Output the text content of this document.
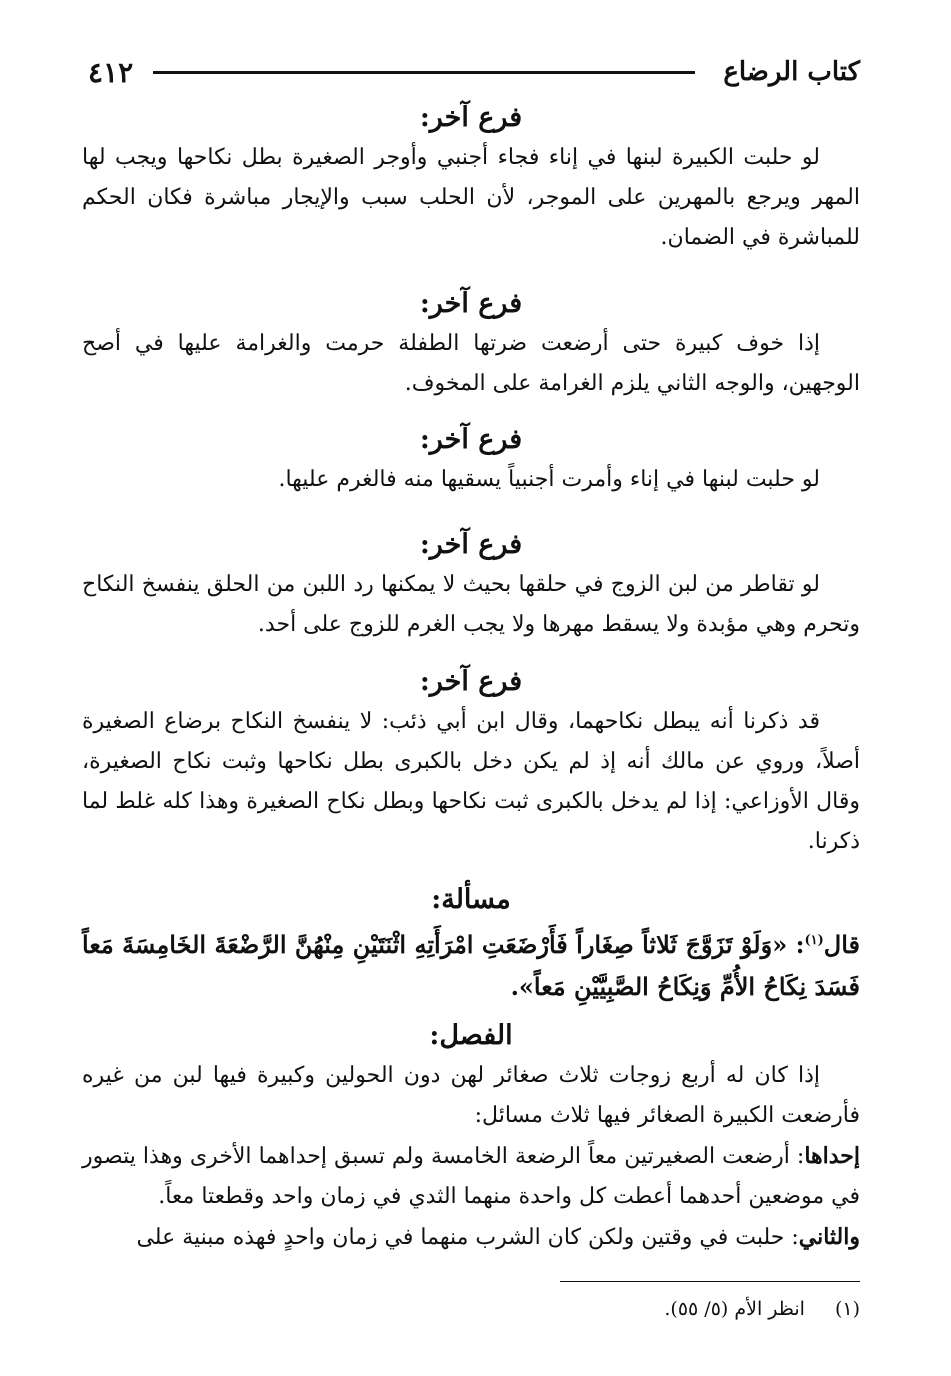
كتاب الرضاع
٤١٢
فرع آخر:

لو حلبت الكبيرة لبنها في إناء فجاء أجنبي وأوجر الصغيرة بطل نكاحها ويجب لها المهر ويرجع بالمهرين على الموجر، لأن الحلب سبب والإيجار مباشرة فكان الحكم للمباشرة في الضمان.

فرع آخر:

إذا خوف كبيرة حتى أرضعت ضرتها الطفلة حرمت والغرامة عليها في أصح الوجهين، والوجه الثاني يلزم الغرامة على المخوف.

فرع آخر:

لو حلبت لبنها في إناء وأمرت أجنبياً يسقيها منه فالغرم عليها.

فرع آخر:

لو تقاطر من لبن الزوج في حلقها بحيث لا يمكنها رد اللبن من الحلق ينفسخ النكاح وتحرم وهي مؤبدة ولا يسقط مهرها ولا يجب الغرم للزوج على أحد.

فرع آخر:

قد ذكرنا أنه يبطل نكاحهما، وقال ابن أبي ذئب: لا ينفسخ النكاح برضاع الصغيرة أصلاً، وروي عن مالك أنه إذ لم يكن دخل بالكبرى بطل نكاحها وثبت نكاح الصغيرة، وقال الأوزاعي: إذا لم يدخل بالكبرى ثبت نكاحها وبطل نكاح الصغيرة وهذا كله غلط لما ذكرنا.

مسألة:

قال$^{(١)}$: «وَلَوْ تَزَوَّجَ ثَلاثاً صِغَاراً فَأَرْضَعَتِ امْرَأَتِهِ اثْنَتَيْنِ مِنْهُنَّ الرَّضْعَةَ الخَامِسَةَ مَعاً فَسَدَ نِكَاحُ الأُمِّ وَنِكَاحُ الصَّبِيَّيْنِ مَعاً».

الفصل:

إذا كان له أربع زوجات ثلاث صغائر لهن دون الحولين وكبيرة فيها لبن من غيره فأرضعت الكبيرة الصغائر فيها ثلاث مسائل:

إحداها: أرضعت الصغيرتين معاً الرضعة الخامسة ولم تسبق إحداهما الأخرى وهذا يتصور في موضعين أحدهما أعطت كل واحدة منهما الثدي في زمان واحد وقطعتا معاً.

والثاني: حلبت في وقتين ولكن كان الشرب منهما في زمان واحدٍ فهذه مبنية على

(١)انظر الأم (٥/ ٥٥).
